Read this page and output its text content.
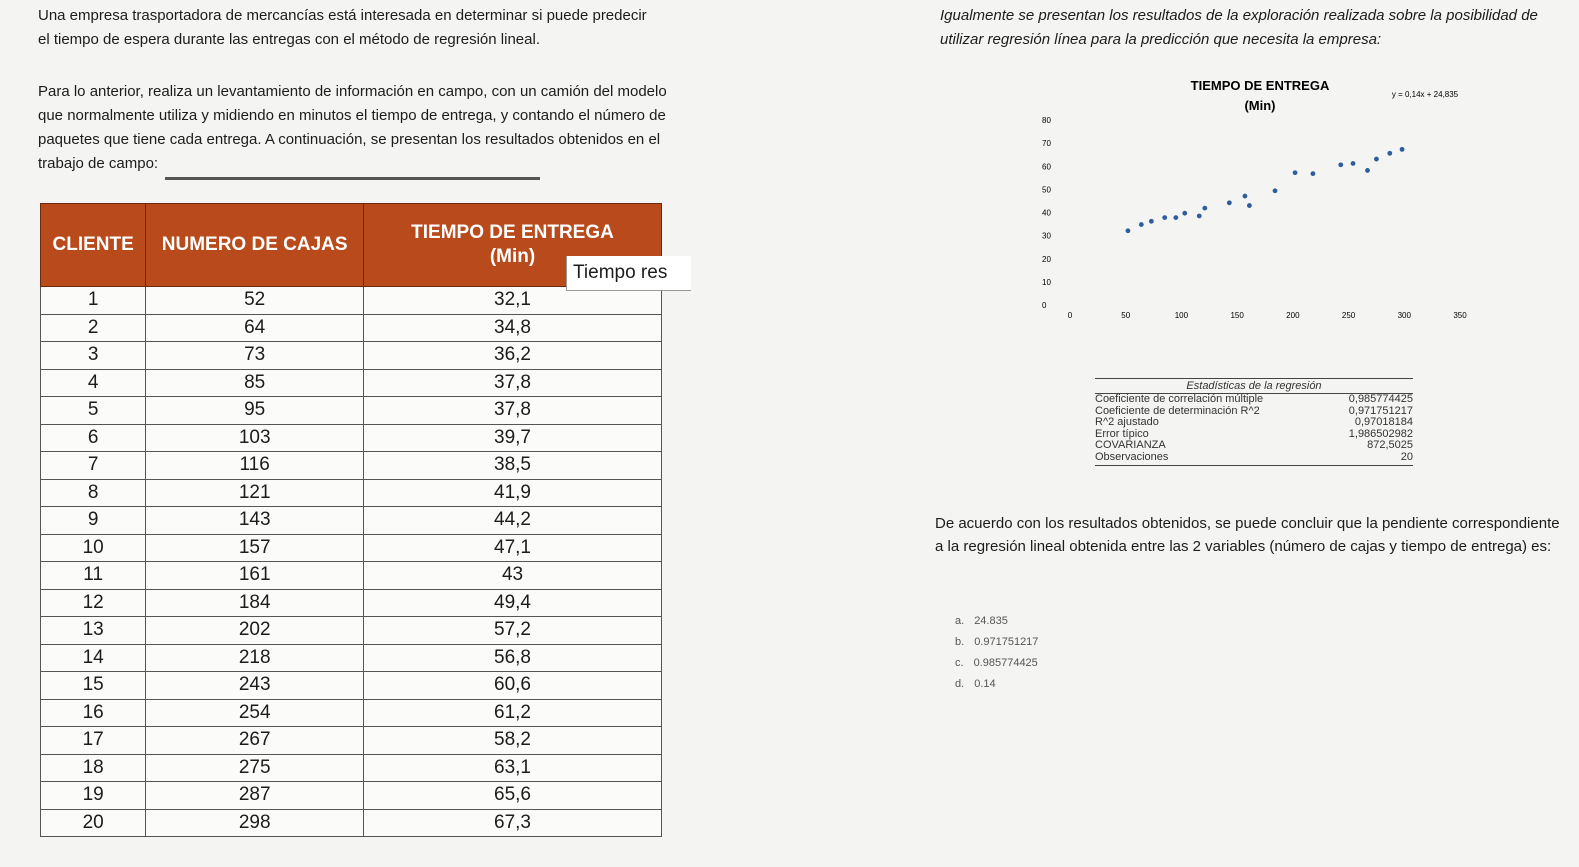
Una empresa trasportadora de mercancías está interesada en determinar si puede predecir el tiempo de espera durante las entregas con el método de regresión lineal.
Igualmente se presentan los resultados de la exploración realizada sobre la posibilidad de utilizar regresión línea para la predicción que necesita la empresa:
Para lo anterior, realiza un levantamiento de información en campo, con un camión del modelo que normalmente utiliza y midiendo en minutos el tiempo de entrega, y contando el número de paquetes que tiene cada entrega. A continuación, se presentan los resultados obtenidos en el trabajo de campo:
CLIENTE	NUMERO DE CAJAS	TIEMPO DE ENTREGA
(Min)

1	52	32,1
2	64	34,8
3	73	36,2
4	85	37,8
5	95	37,8
6	103	39,7
7	116	38,5
8	121	41,9
9	143	44,2
10	157	47,1
11	161	43
12	184	49,4
13	202	57,2
14	218	56,8
15	243	60,6
16	254	61,2
17	267	58,2
18	275	63,1
19	287	65,6
20	298	67,3
Tiempo res
TIEMPO DE ENTREGA
(Min)
y = 0,14x + 24,835
0
10
20
30
40
50
60
70
80
0	50	100	150	200	250	300	350
Estadísticas de la regresión
Coeficiente de correlación múltiple	0,985774425
Coeficiente de determinación R^2	0,971751217
R^2 ajustado	0,97018184
Error típico	1,986502982
COVARIANZA	872,5025
Observaciones	20
De acuerdo con los resultados obtenidos, se puede concluir que la pendiente correspondiente a la regresión lineal obtenida entre las 2 variables (número de cajas y tiempo de entrega) es:
a. 24.835
b. 0.971751217
c. 0.985774425
d. 0.14
